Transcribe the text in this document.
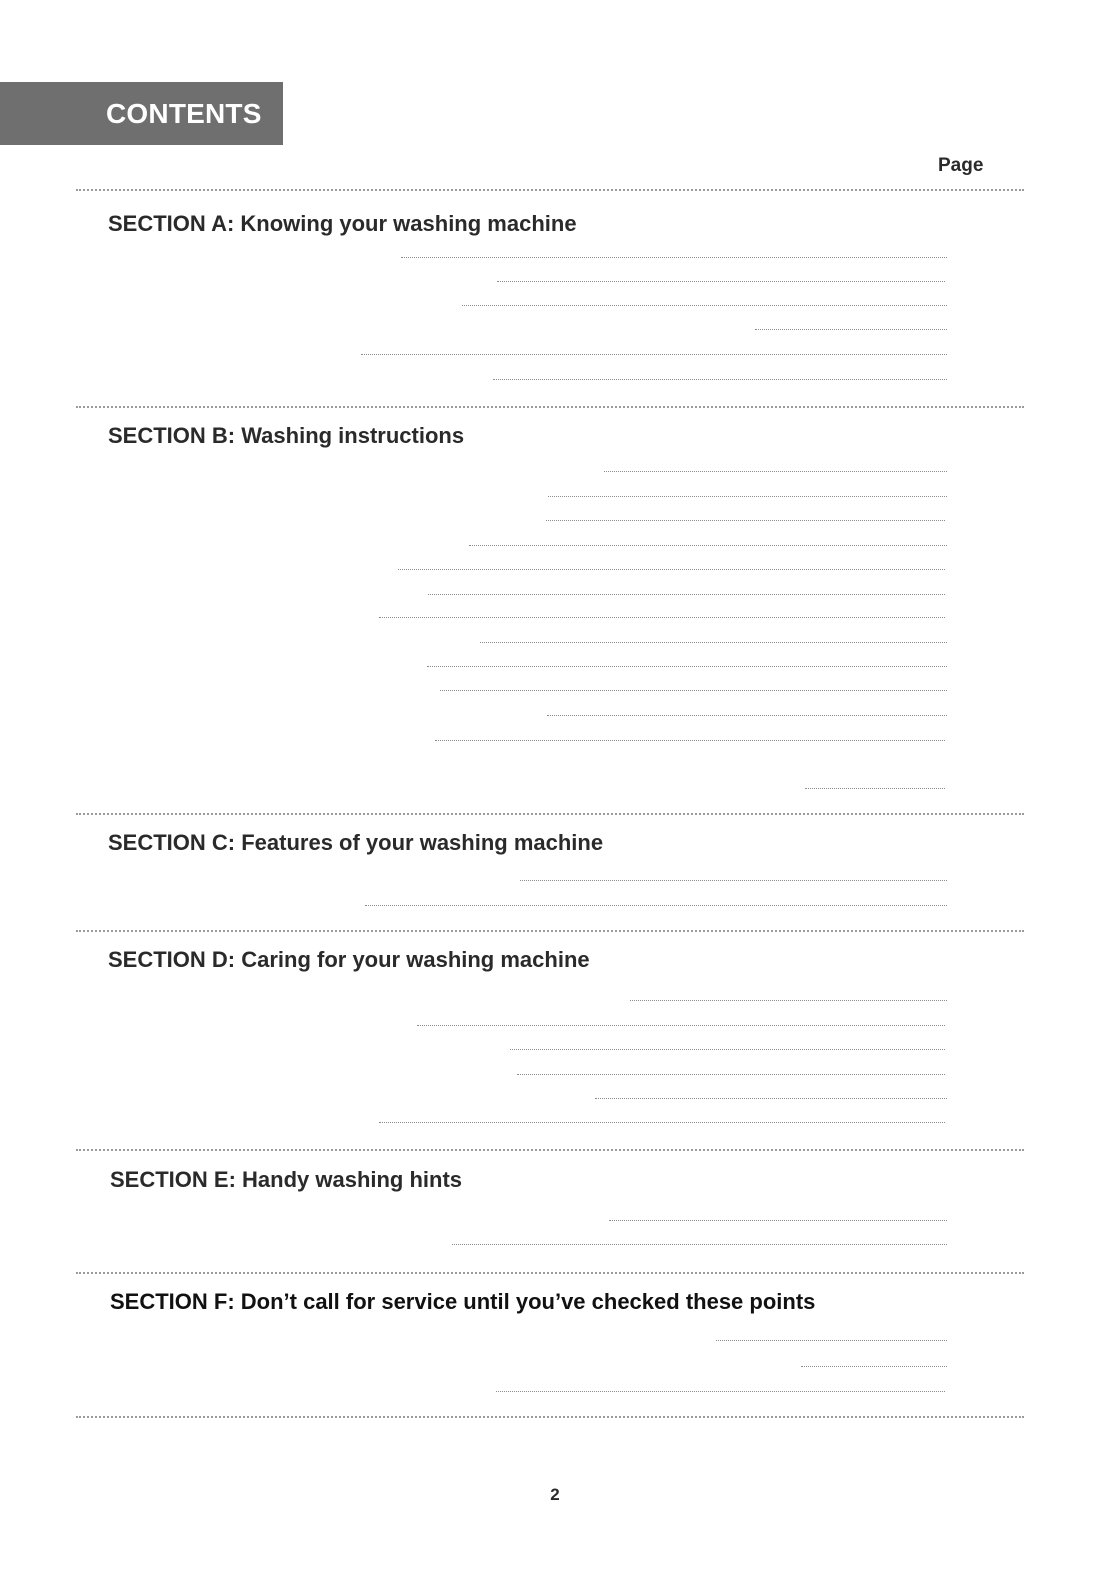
CONTENTS
Page
SECTION A: Knowing your washing machine
SECTION B: Washing instructions
SECTION C: Features of your washing machine
SECTION D: Caring for your washing machine
SECTION E: Handy washing hints
SECTION F: Don’t call for service until you’ve checked these points
2
